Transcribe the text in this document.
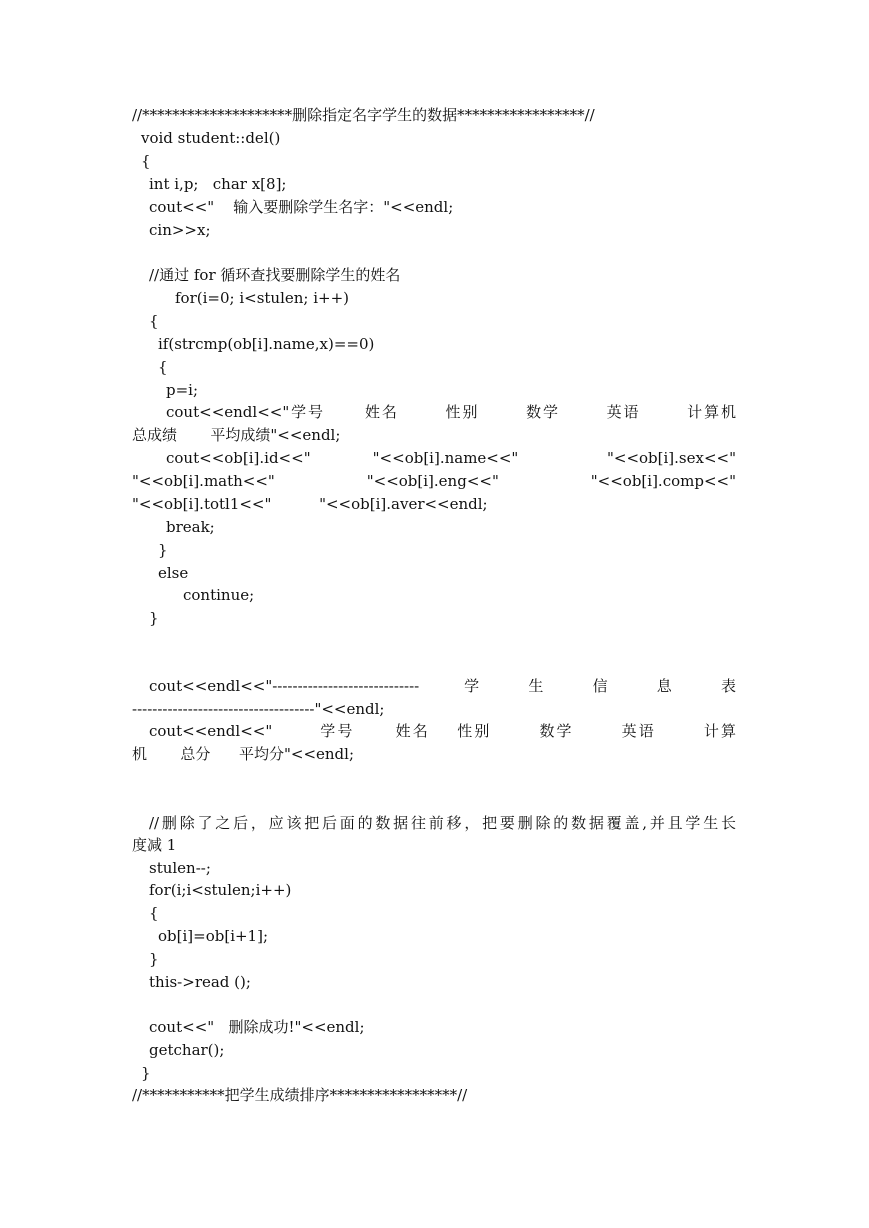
//********************删除指定名字学生的数据*****************//
void student::del()
{
int i,p;   char x[8];
cout<<"    输入要删除学生名字："<<endl;
cin>>x;
//通过 for 循环查找要删除学生的姓名
for(i=0; i<stulen; i++)
{
if(strcmp(ob[i].name,x)==0)
{
p=i;
cout<<endl<<"学号      姓名       性别       数学       英语       计算机
总成绩       平均成绩"<<endl;
cout<<ob[i].id<<"       "<<ob[i].name<<"          "<<ob[i].sex<<"
"<<ob[i].math<<"          "<<ob[i].eng<<"          "<<ob[i].comp<<"
"<<ob[i].totl1<<"          "<<ob[i].aver<<endl;
break;
}
else
continue;
}
cout<<endl<<"-----------------------------     学     生     信     息     表
------------------------------------"<<endl;
cout<<endl<<"       学号      姓名    性别       数学       英语       计算
机       总分      平均分"<<endl;
//删除了之后，应该把后面的数据往前移，把要删除的数据覆盖,并且学生长
度减 1
stulen--;
for(i;i<stulen;i++)
{
ob[i]=ob[i+1];
}
this->read ();
cout<<"   删除成功!"<<endl;
getchar();
}
//***********把学生成绩排序*****************//
